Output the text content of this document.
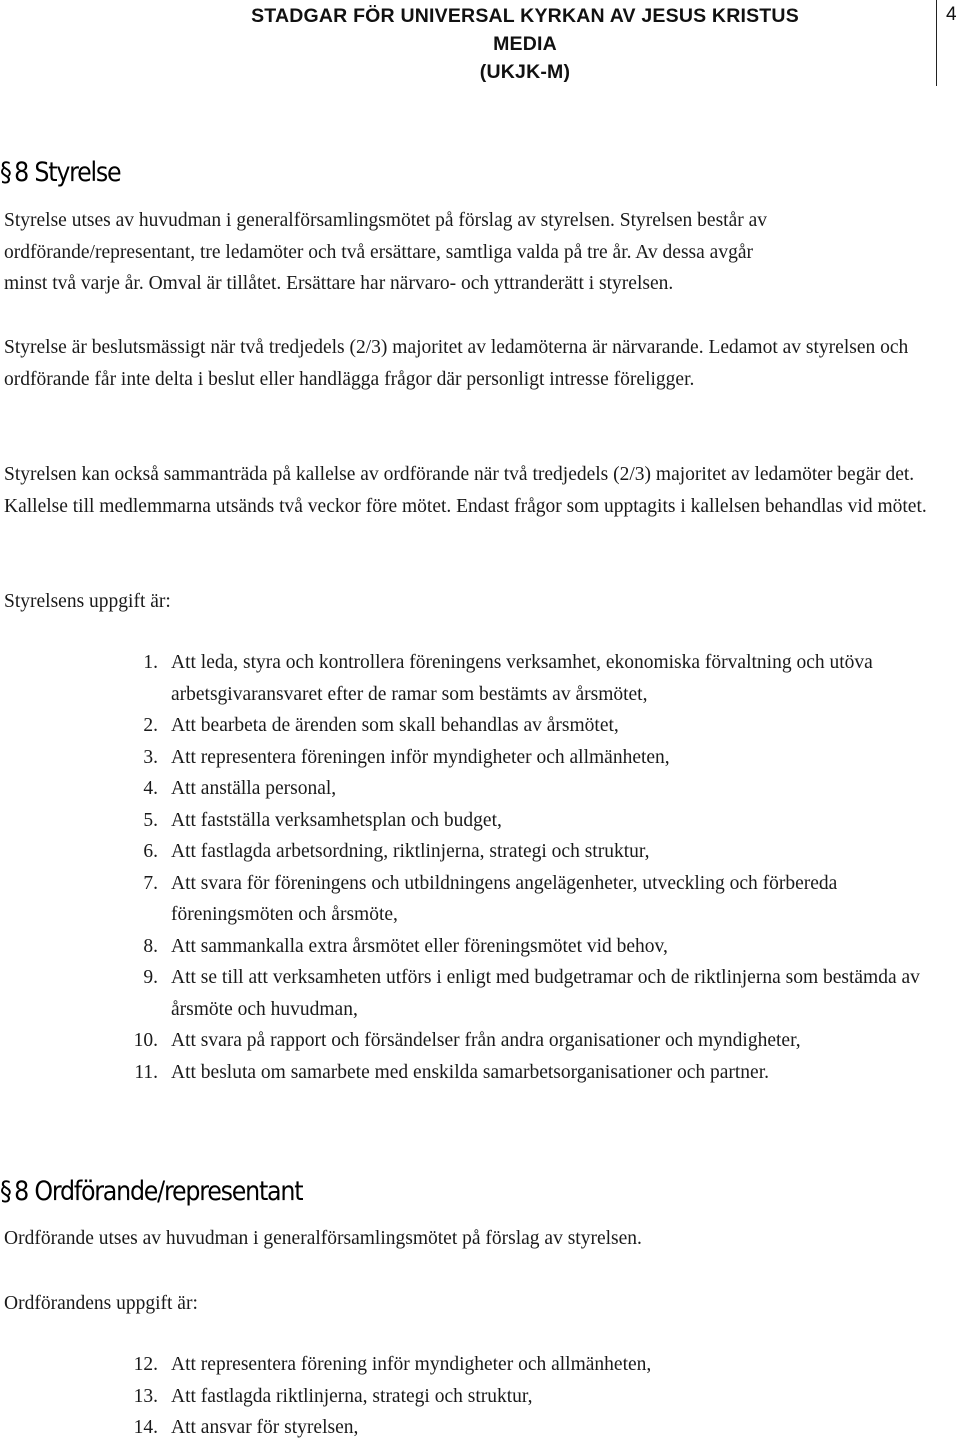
STADGAR FÖR UNIVERSAL KYRKAN AV JESUS KRISTUS
MEDIA
(UKJK-M)
4
§ 8 Styrelse
Styrelse utses av huvudman i generalförsamlingsmötet på förslag av styrelsen. Styrelsen består av
ordförande/representant, tre ledamöter och två ersättare, samtliga valda på tre år. Av dessa avgår
minst två varje år. Omval är tillåtet. Ersättare har närvaro- och yttranderätt i styrelsen.

Styrelse är beslutsmässigt när två tredjedels (2/3) majoritet av ledamöterna är närvarande. Ledamot av styrelsen och ordförande får inte delta i beslut eller handlägga frågor där personligt intresse föreligger.

Styrelsen kan också sammanträda på kallelse av ordförande när två tredjedels (2/3) majoritet av ledamöter begär det. Kallelse till medlemmarna utsänds två veckor före mötet. Endast frågor som upptagits i kallelsen behandlas vid mötet.

Styrelsens uppgift är:

1. Att leda, styra och kontrollera föreningens verksamhet, ekonomiska förvaltning och utöva arbetsgivaransvaret efter de ramar som bestämts av årsmötet,
2. Att bearbeta de ärenden som skall behandlas av årsmötet,
3. Att representera föreningen inför myndigheter och allmänheten,
4. Att anställa personal,
5. Att fastställa verksamhetsplan och budget,
6. Att fastlagda arbetsordning, riktlinjerna, strategi och struktur,
7. Att svara för föreningens och utbildningens angelägenheter, utveckling och förbereda föreningsmöten och årsmöte,
8. Att sammankalla extra årsmötet eller föreningsmötet vid behov,
9. Att se till att verksamheten utförs i enligt med budgetramar och de riktlinjerna som bestämda av årsmöte och huvudman,
10. Att svara på rapport och försändelser från andra organisationer och myndigheter,
11. Att besluta om samarbete med enskilda samarbetsorganisationer och partner.
§ 8 Ordförande/representant

Ordförande utses av huvudman i generalförsamlingsmötet på förslag av styrelsen.

Ordförandens uppgift är:

12. Att representera förening inför myndigheter och allmänheten,
13. Att fastlagda riktlinjerna, strategi och struktur,
14. Att ansvar för styrelsen,
